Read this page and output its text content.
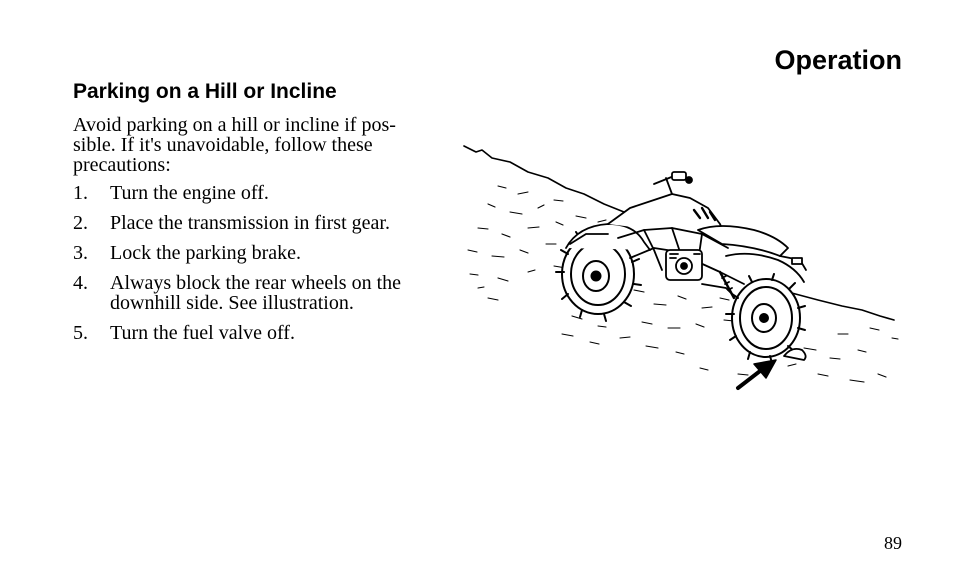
Operation
Parking on a Hill or Incline

Avoid parking on a hill or incline if pos-
sible. If it's unavoidable, follow these
precautions:

1. Turn the engine off.
2. Place the transmission in first gear.
3. Lock the parking brake.
4. Always block the rear wheels on the
downhill side. See illustration.
5. Turn the fuel valve off.

89
